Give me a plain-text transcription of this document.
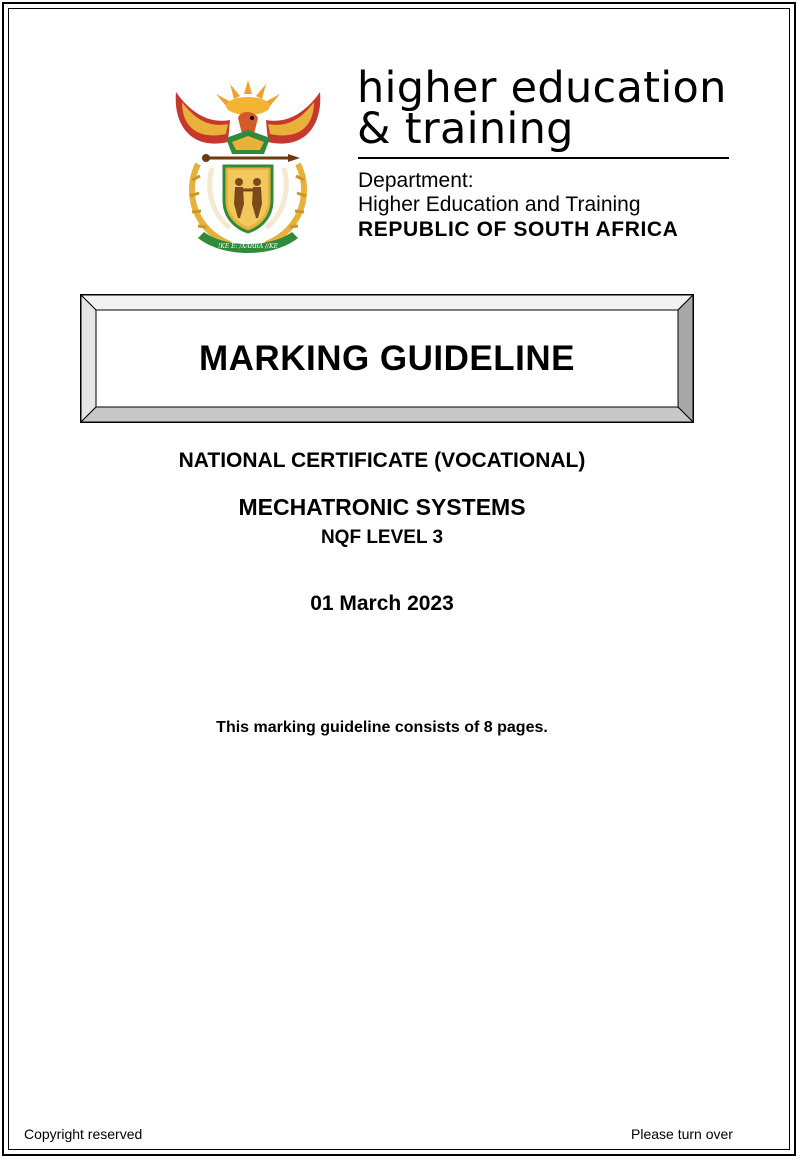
!KE E: /XARRA //KE
higher education
& training
Department:
Higher Education and Training
REPUBLIC OF SOUTH AFRICA
MARKING GUIDELINE
NATIONAL CERTIFICATE (VOCATIONAL)
MECHATRONIC SYSTEMS
NQF LEVEL 3
01 March 2023
This marking guideline consists of 8 pages.
Copyright reserved	Please turn over
